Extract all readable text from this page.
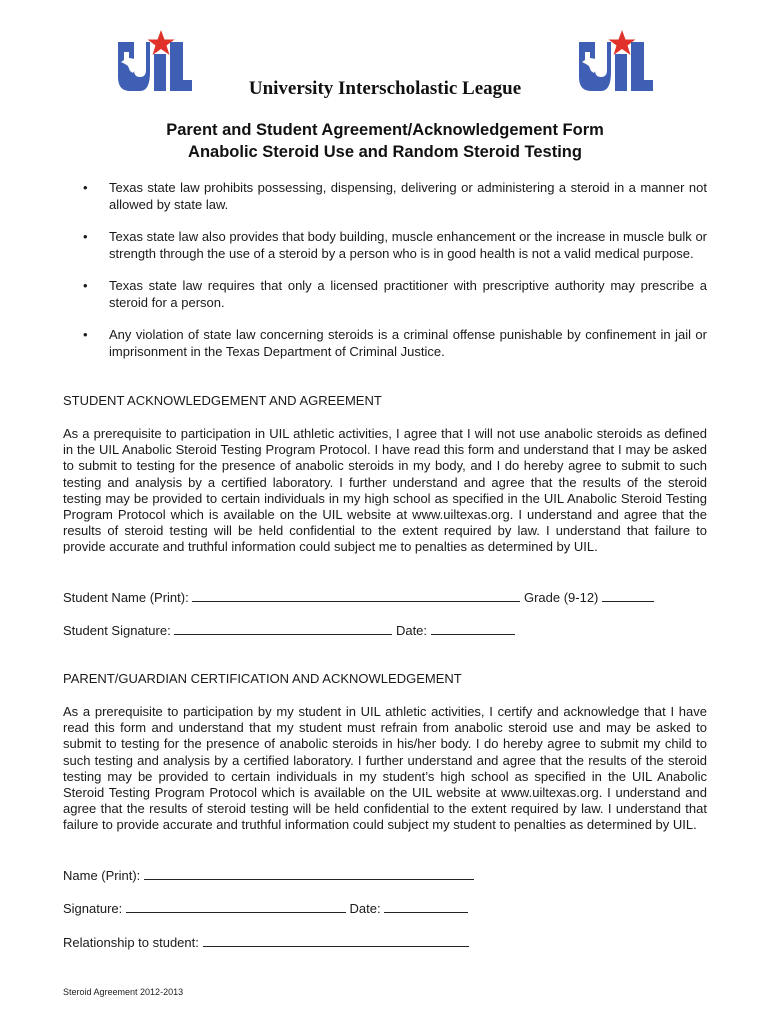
University Interscholastic League
Parent and Student Agreement/Acknowledgement Form
Anabolic Steroid Use and Random Steroid Testing
•	Texas state law prohibits possessing, dispensing, delivering or administering a steroid in a manner not allowed by state law.
•	Texas state law also provides that body building, muscle enhancement or the increase in muscle bulk or strength through the use of a steroid by a person who is in good health is not a valid medical purpose.
•	Texas state law requires that only a licensed practitioner with prescriptive authority may prescribe a steroid for a person.
•	Any violation of state law concerning steroids is a criminal offense punishable by confinement in jail or imprisonment in the Texas Department of Criminal Justice.
STUDENT ACKNOWLEDGEMENT AND AGREEMENT
As a prerequisite to participation in UIL athletic activities, I agree that I will not use anabolic steroids as defined in the UIL Anabolic Steroid Testing Program Protocol. I have read this form and understand that I may be asked to submit to testing for the presence of anabolic steroids in my body, and I do hereby agree to submit to such testing and analysis by a certified laboratory. I further understand and agree that the results of the steroid testing may be provided to certain individuals in my high school as specified in the UIL Anabolic Steroid Testing Program Protocol which is available on the UIL website at www.uiltexas.org. I understand and agree that the results of steroid testing will be held confidential to the extent required by law. I understand that failure to provide accurate and truthful information could subject me to penalties as determined by UIL.
Student Name (Print):	Grade (9-12)
Student Signature:	Date:
PARENT/GUARDIAN CERTIFICATION AND ACKNOWLEDGEMENT
As a prerequisite to participation by my student in UIL athletic activities, I certify and acknowledge that I have read this form and understand that my student must refrain from anabolic steroid use and may be asked to submit to testing for the presence of anabolic steroids in his/her body. I do hereby agree to submit my child to such testing and analysis by a certified laboratory. I further understand and agree that the results of the steroid testing may be provided to certain individuals in my student’s high school as specified in the UIL Anabolic Steroid Testing Program Protocol which is available on the UIL website at www.uiltexas.org. I understand and agree that the results of steroid testing will be held confidential to the extent required by law. I understand that failure to provide accurate and truthful information could subject my student to penalties as determined by UIL.
Name (Print):
Signature:	Date:
Relationship to student:
Steroid Agreement 2012-2013
